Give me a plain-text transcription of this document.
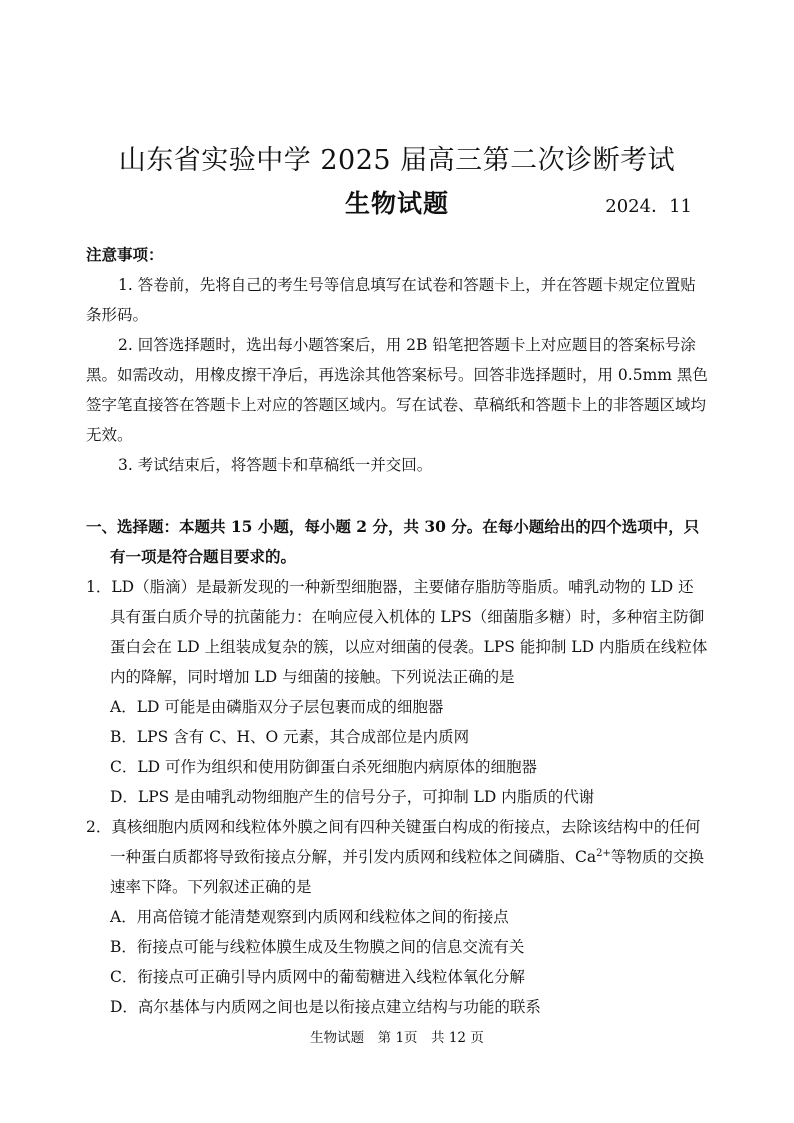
山东省实验中学 2025 届高三第二次诊断考试
生物试题	2024．11
注意事项：
1. 答卷前，先将自己的考生号等信息填写在试卷和答题卡上，并在答题卡规定位置贴条形码。
2. 回答选择题时，选出每小题答案后，用 2B 铅笔把答题卡上对应题目的答案标号涂黑。如需改动，用橡皮擦干净后，再选涂其他答案标号。回答非选择题时，用 0.5mm 黑色签字笔直接答在答题卡上对应的答题区域内。写在试卷、草稿纸和答题卡上的非答题区域均无效。
3. 考试结束后，将答题卡和草稿纸一并交回。
一、选择题：本题共 15 小题，每小题 2 分，共 30 分。在每小题给出的四个选项中，只有一项是符合题目要求的。
1．LD（脂滴）是最新发现的一种新型细胞器，主要储存脂肪等脂质。哺乳动物的 LD 还具有蛋白质介导的抗菌能力：在响应侵入机体的 LPS（细菌脂多糖）时，多种宿主防御蛋白会在 LD 上组装成复杂的簇，以应对细菌的侵袭。LPS 能抑制 LD 内脂质在线粒体内的降解，同时增加 LD 与细菌的接触。下列说法正确的是
A．LD 可能是由磷脂双分子层包裹而成的细胞器
B．LPS 含有 C、H、O 元素，其合成部位是内质网
C．LD 可作为组织和使用防御蛋白杀死细胞内病原体的细胞器
D．LPS 是由哺乳动物细胞产生的信号分子，可抑制 LD 内脂质的代谢
2．真核细胞内质网和线粒体外膜之间有四种关键蛋白构成的衔接点，去除该结构中的任何一种蛋白质都将导致衔接点分解，并引发内质网和线粒体之间磷脂、$Ca^{2+}$等物质的交换速率下降。下列叙述正确的是
A．用高倍镜才能清楚观察到内质网和线粒体之间的衔接点
B．衔接点可能与线粒体膜生成及生物膜之间的信息交流有关
C．衔接点可正确引导内质网中的葡萄糖进入线粒体氧化分解
D．高尔基体与内质网之间也是以衔接点建立结构与功能的联系
生物试题　第 1页　共 12 页
